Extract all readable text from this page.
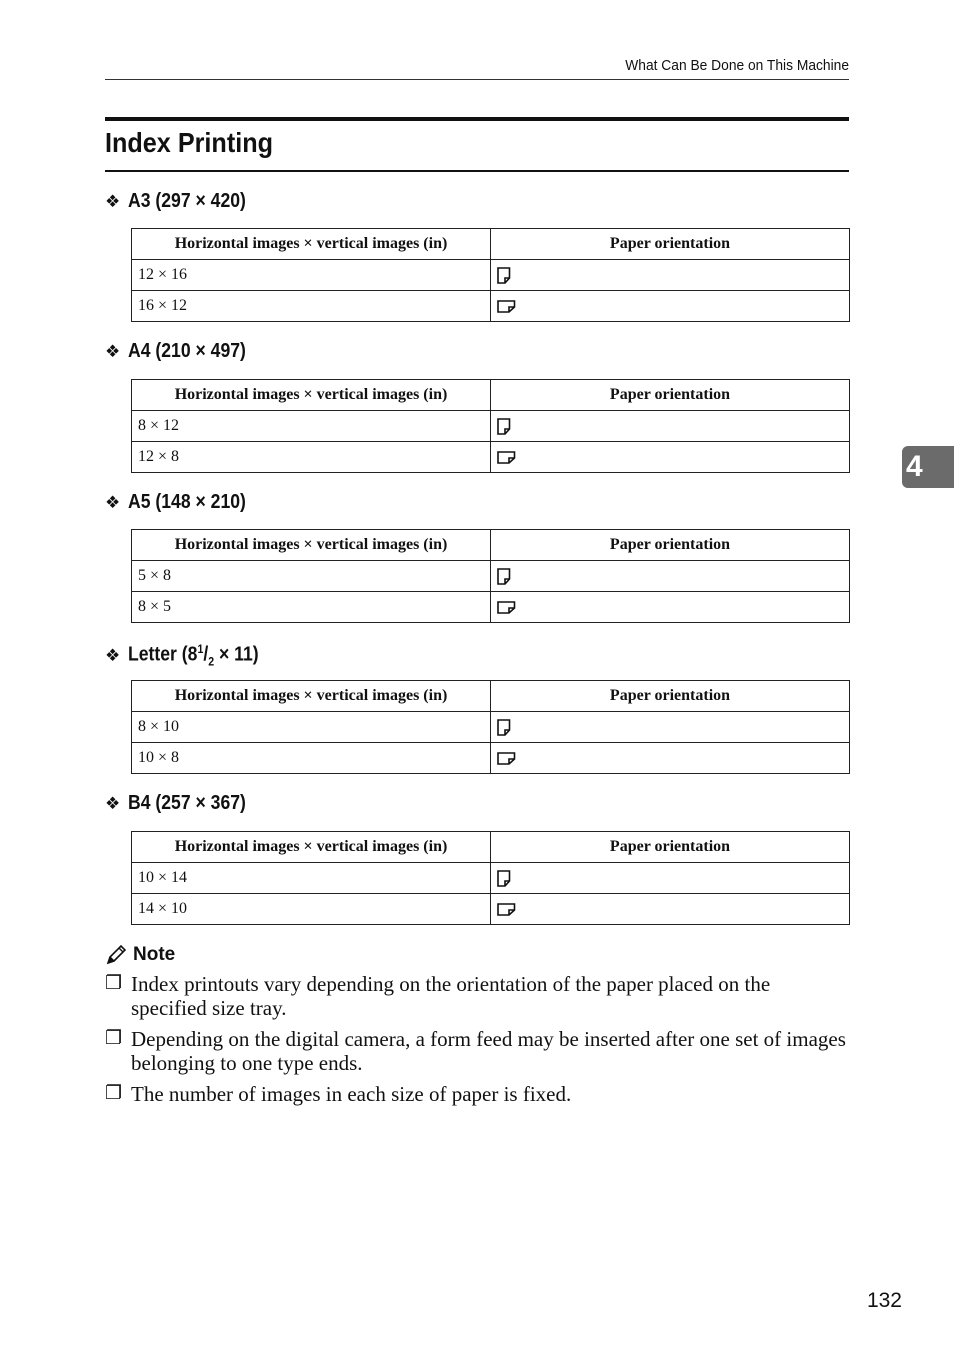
What Can Be Done on This Machine
Index Printing
❖ A3 (297 × 420)
Horizontal images × vertical images (in)	Paper orientation
12 × 16	
16 × 12	
❖ A4 (210 × 497)
Horizontal images × vertical images (in)	Paper orientation
8 × 12	
12 × 8	
❖ A5 (148 × 210)
Horizontal images × vertical images (in)	Paper orientation
5 × 8	
8 × 5	
❖ Letter $(8^1/_2 \times 11)$
Horizontal images × vertical images (in)	Paper orientation
8 × 10	
10 × 8	
❖ B4 (257 × 367)
Horizontal images × vertical images (in)	Paper orientation
10 × 14	
14 × 10	
Note
❐ Index printouts vary depending on the orientation of the paper placed on the specified size tray.
❐ Depending on the digital camera, a form feed may be inserted after one set of images belonging to one type ends.
❐ The number of images in each size of paper is fixed.
4
132
